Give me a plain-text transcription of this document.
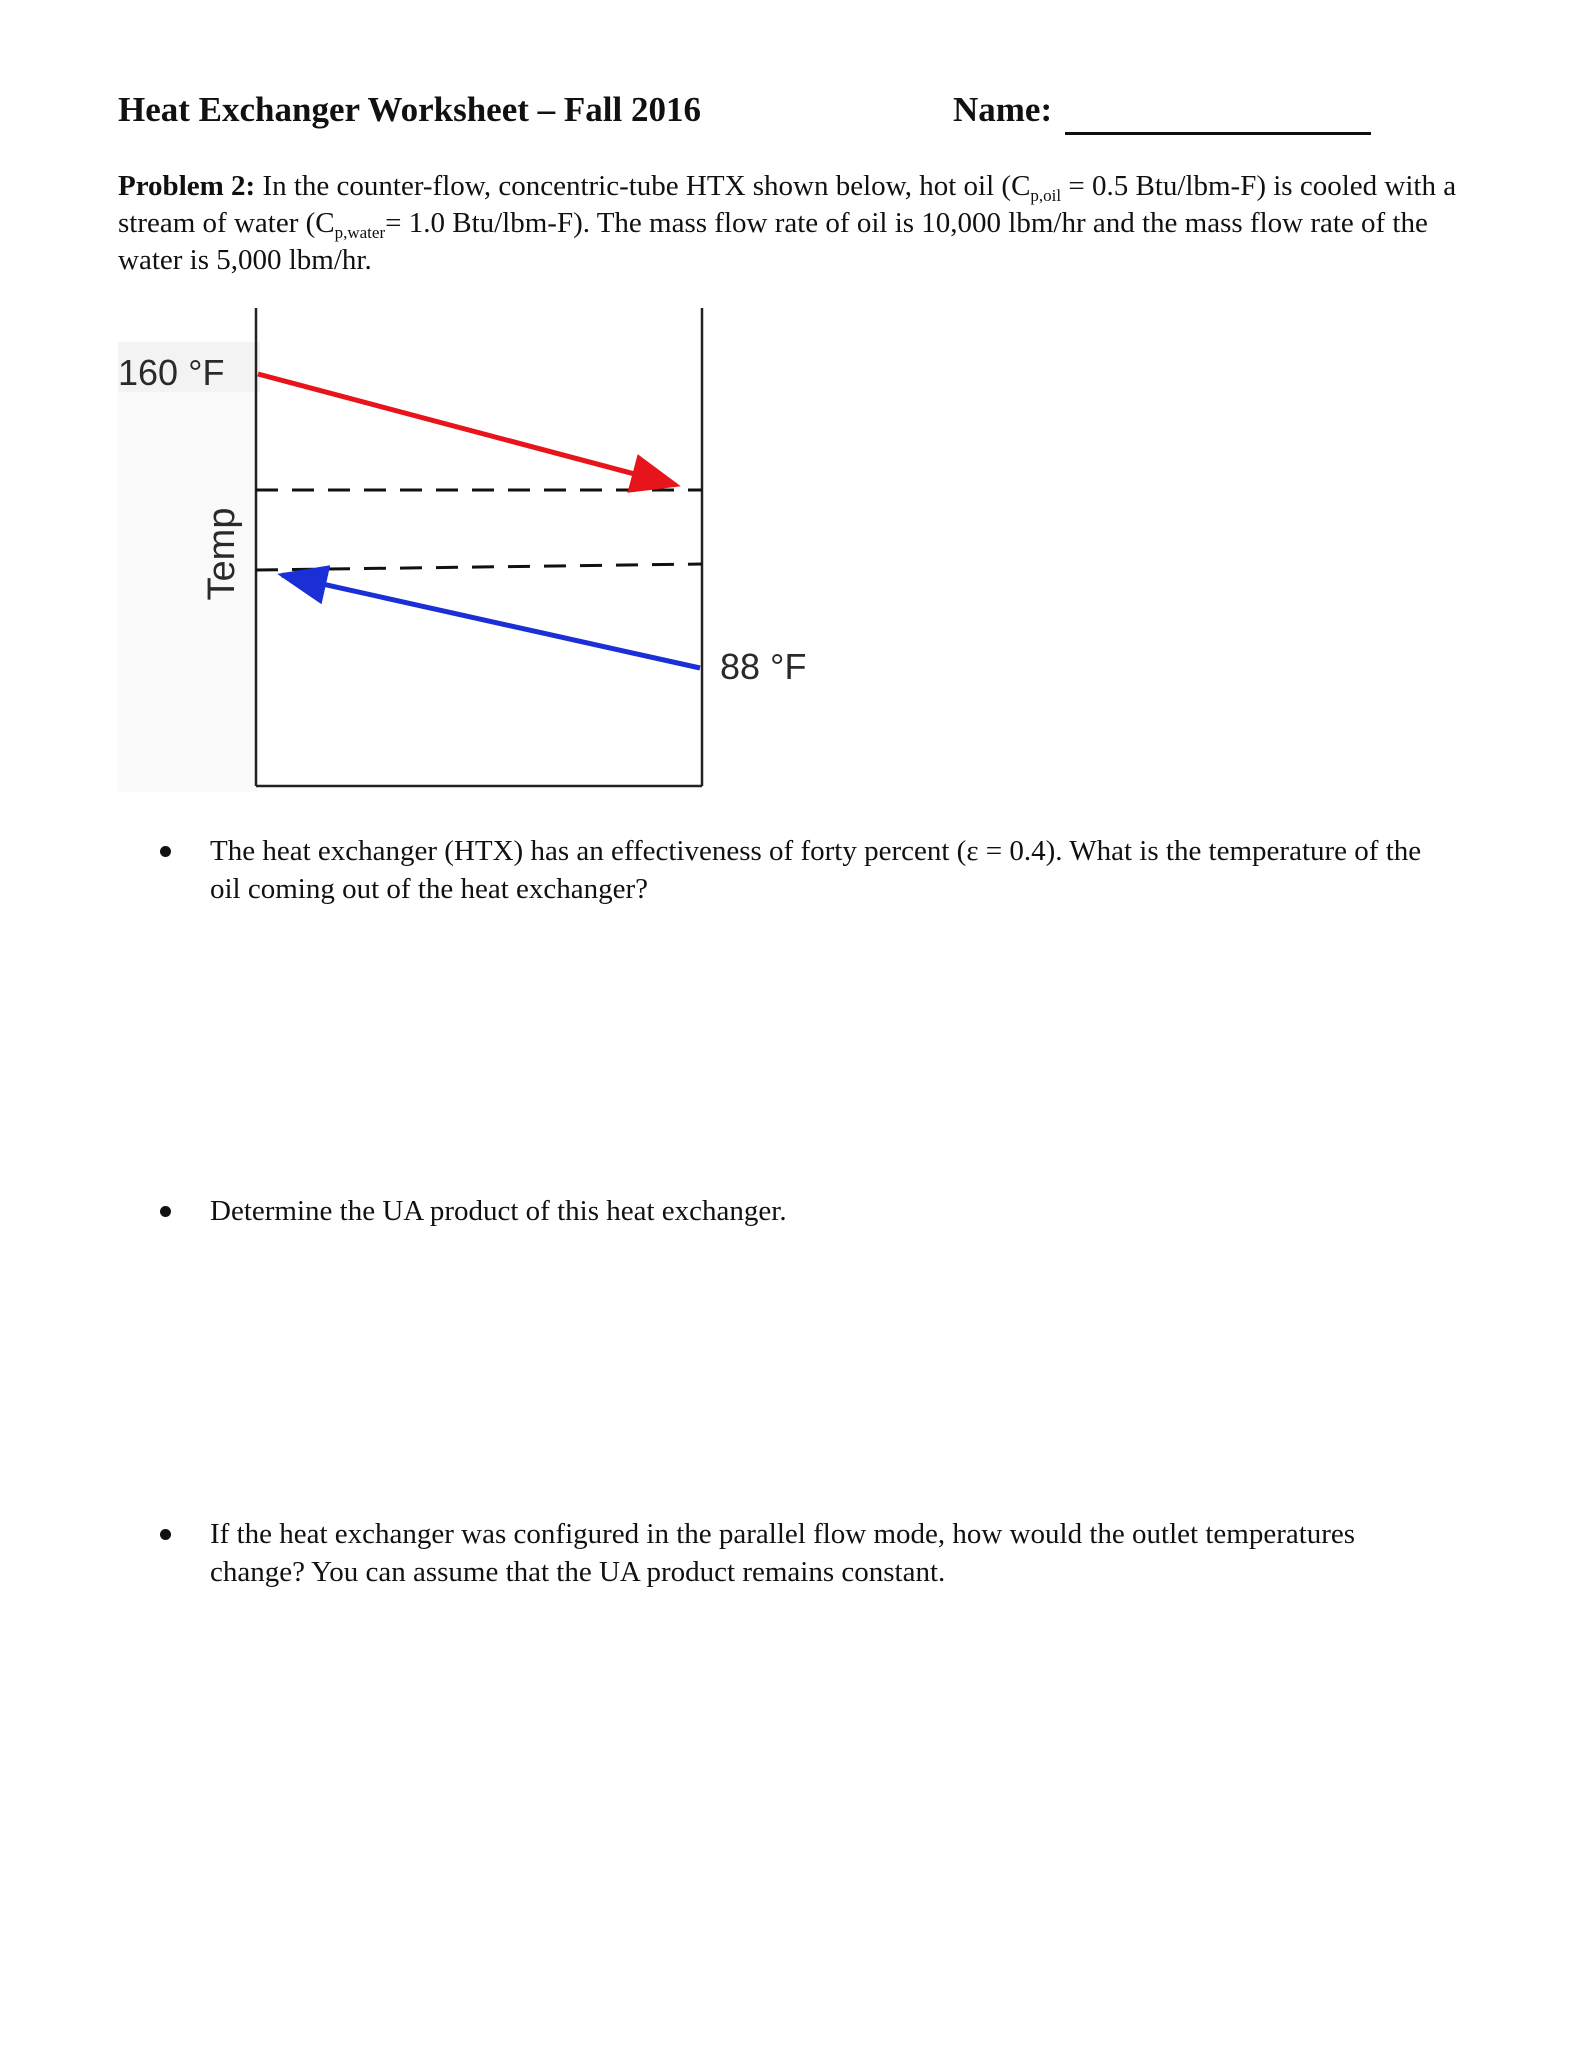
Heat Exchanger Worksheet – Fall 2016	Name:
Problem 2: In the counter-flow, concentric-tube HTX shown below, hot oil ($C_{p,oil} = 0.5$ Btu/lbm-F) is cooled with a stream of water ($C_{p,water}= 1.0$ Btu/lbm-F). The mass flow rate of oil is 10,000 lbm/hr and the mass flow rate of the water is 5,000 lbm/hr.
160 °F
88 °F
Temp
The heat exchanger (HTX) has an effectiveness of forty percent (ε = 0.4). What is the temperature of the oil coming out of the heat exchanger?
Determine the UA product of this heat exchanger.
If the heat exchanger was configured in the parallel flow mode, how would the outlet temperatures change? You can assume that the UA product remains constant.
